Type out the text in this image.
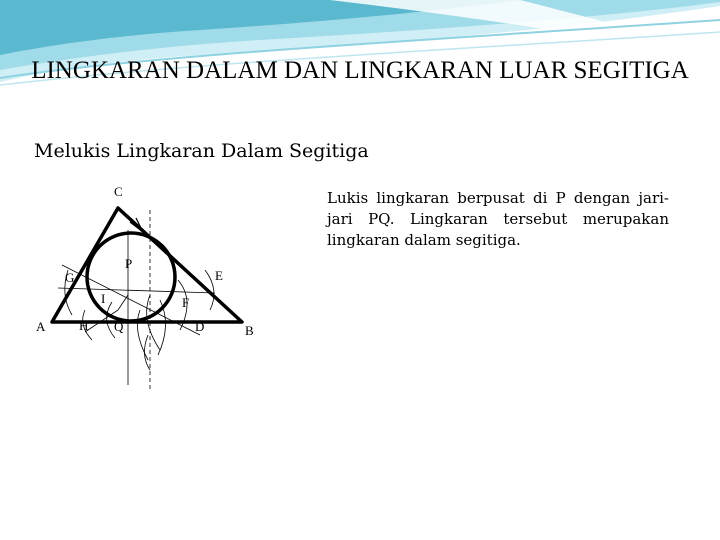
LINGKARAN DALAM DAN LINGKARAN LUAR SEGITIGA
Melukis Lingkaran Dalam Segitiga
Lukis lingkaran berpusat di P dengan jari-jari PQ. Lingkaran tersebut merupakan lingkaran dalam segitiga.
C
P
G	E
I	F
A	H Q	D	B
